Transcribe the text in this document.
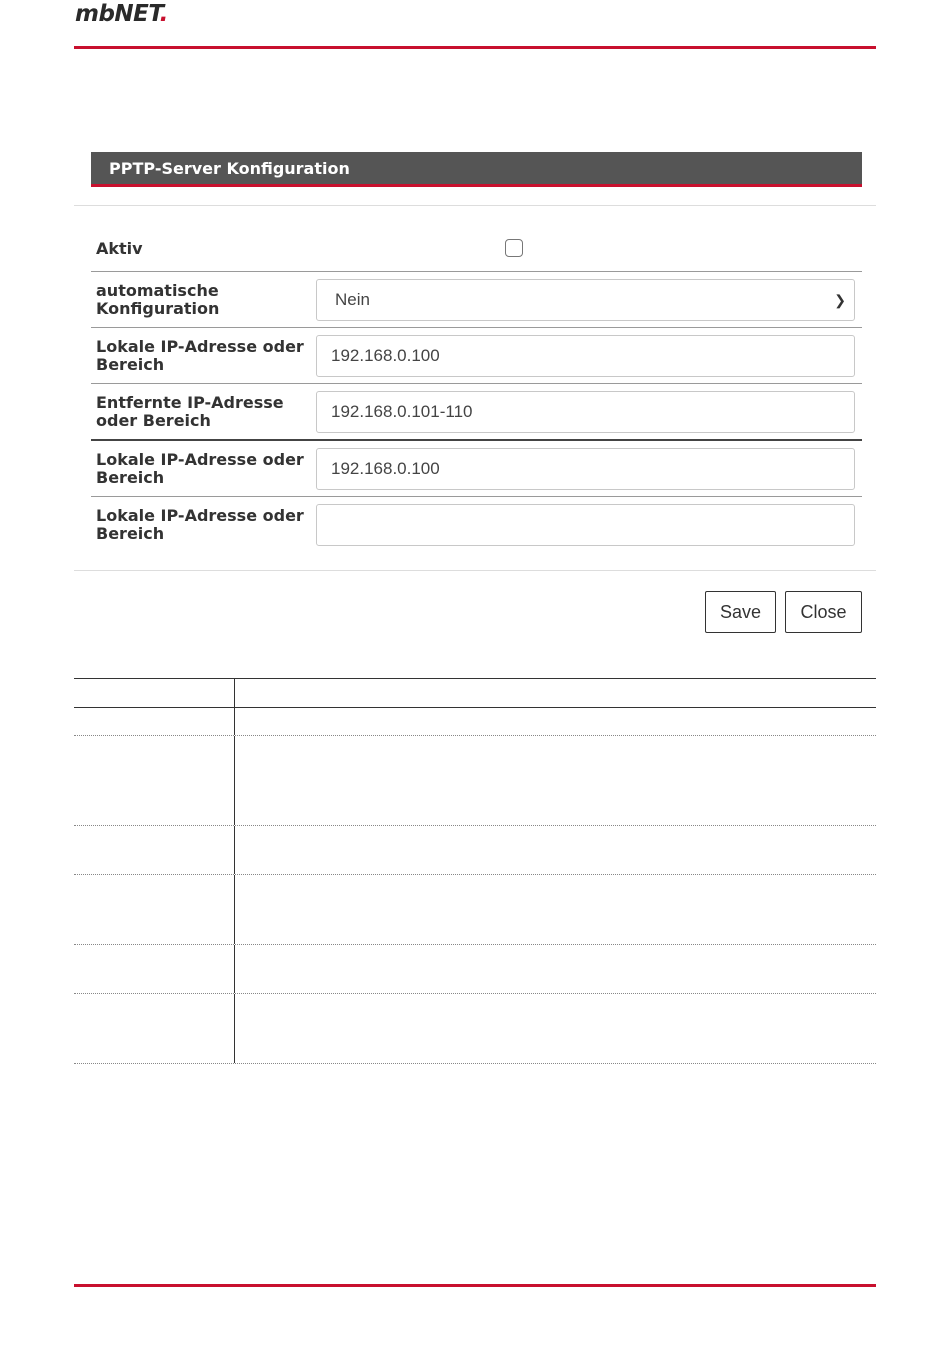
mbNET.
PPTP-Server Konfiguration
Aktiv
automatische Konfiguration	Nein	❯
Lokale IP-Adresse oder Bereich	192.168.0.100
Entfernte IP-Adresse oder Bereich	192.168.0.101-110
Lokale IP-Adresse oder Bereich	192.168.0.100
Lokale IP-Adresse oder Bereich
Save	Close
